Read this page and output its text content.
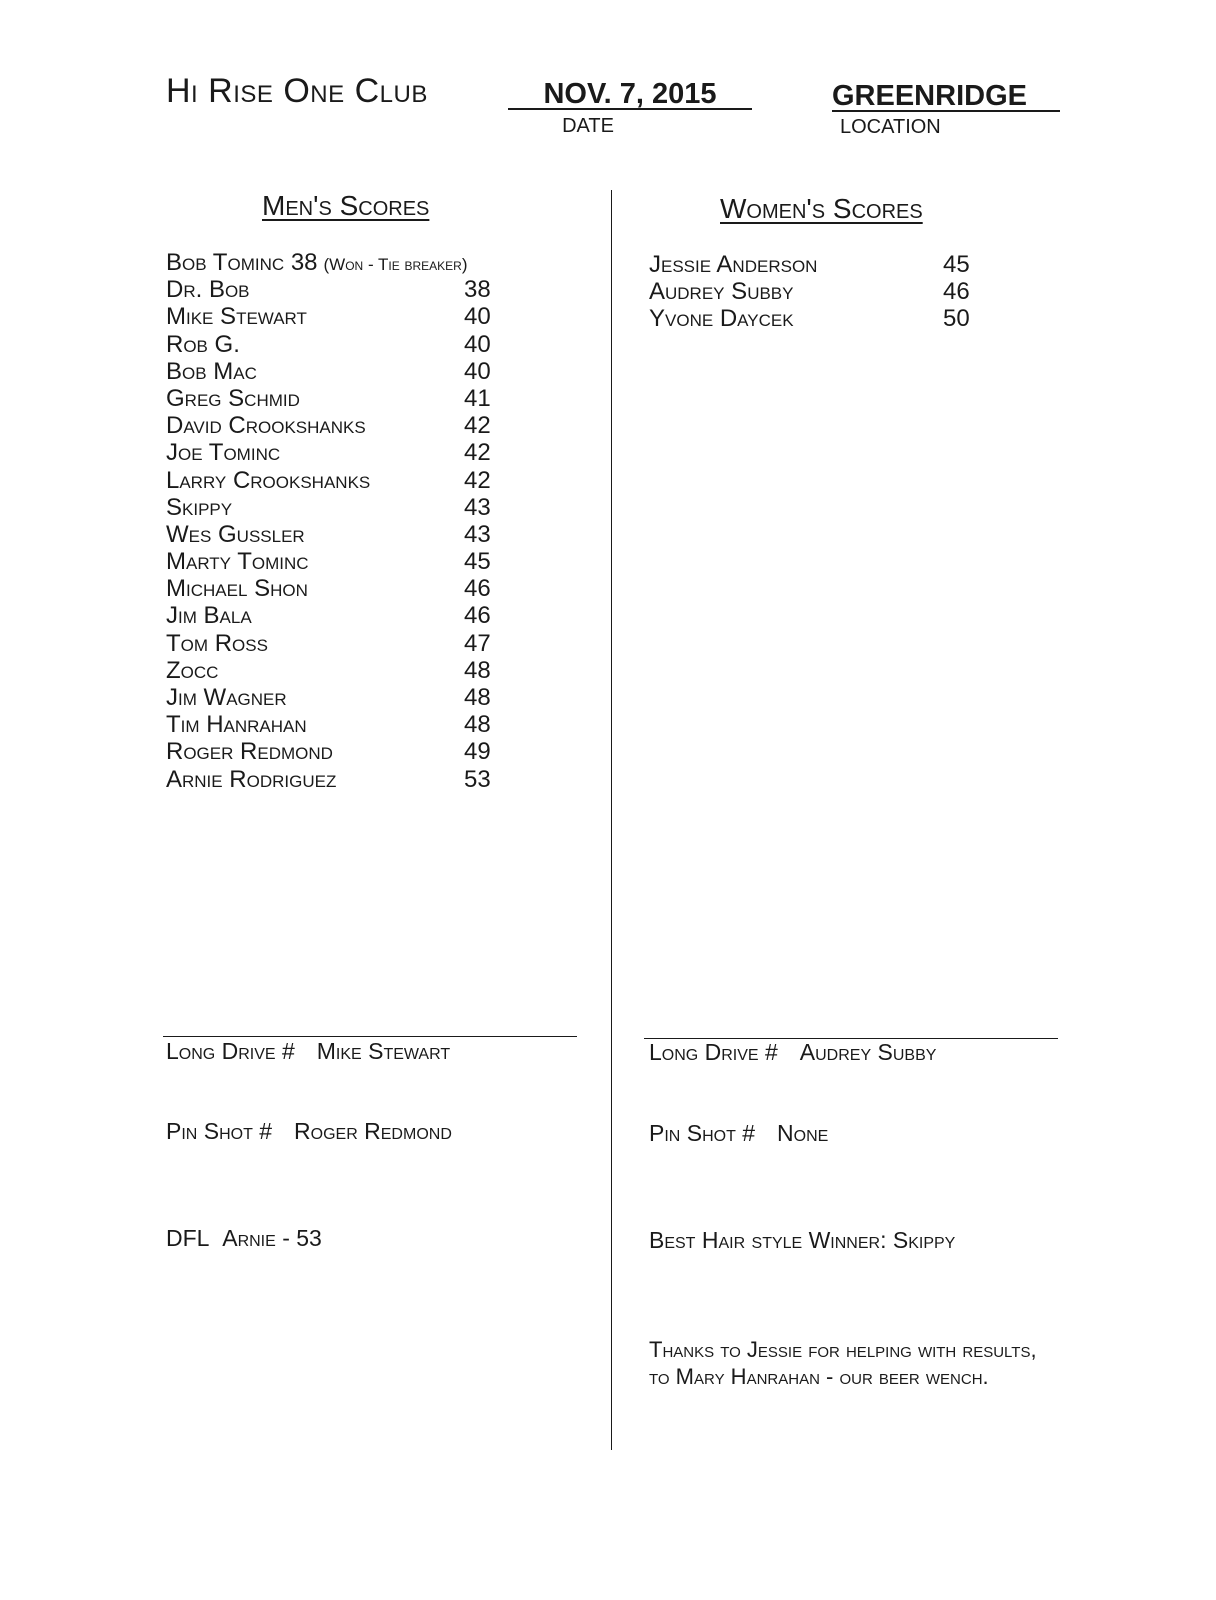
Hi Rise One Club	NOV. 7, 2015
DATE
GREENRIDGE
LOCATION
Men's Scores	Women's Scores
Bob Tominc 38 (Won - Tie breaker)
Dr. Bob	38
Mike Stewart	40
Rob G.	40
Bob Mac	40
Greg Schmid	41
David Crookshanks	42
Joe Tominc	42
Larry Crookshanks	42
Skippy	43
Wes Gussler	43
Marty Tominc	45
Michael Shon	46
Jim Bala	46
Tom Ross	47
Zocc	48
Jim Wagner	48
Tim Hanrahan	48
Roger Redmond	49
Arnie Rodriguez	53
Jessie Anderson	45
Audrey Subby	46
Yvone Daycek	50
Long Drive # Mike Stewart
Pin Shot # Roger Redmond
DFL Arnie - 53
Long Drive # Audrey Subby
Pin Shot # None
Best Hair style Winner: Skippy
Thanks to Jessie for helping with results, to Mary Hanrahan - our beer wench.
